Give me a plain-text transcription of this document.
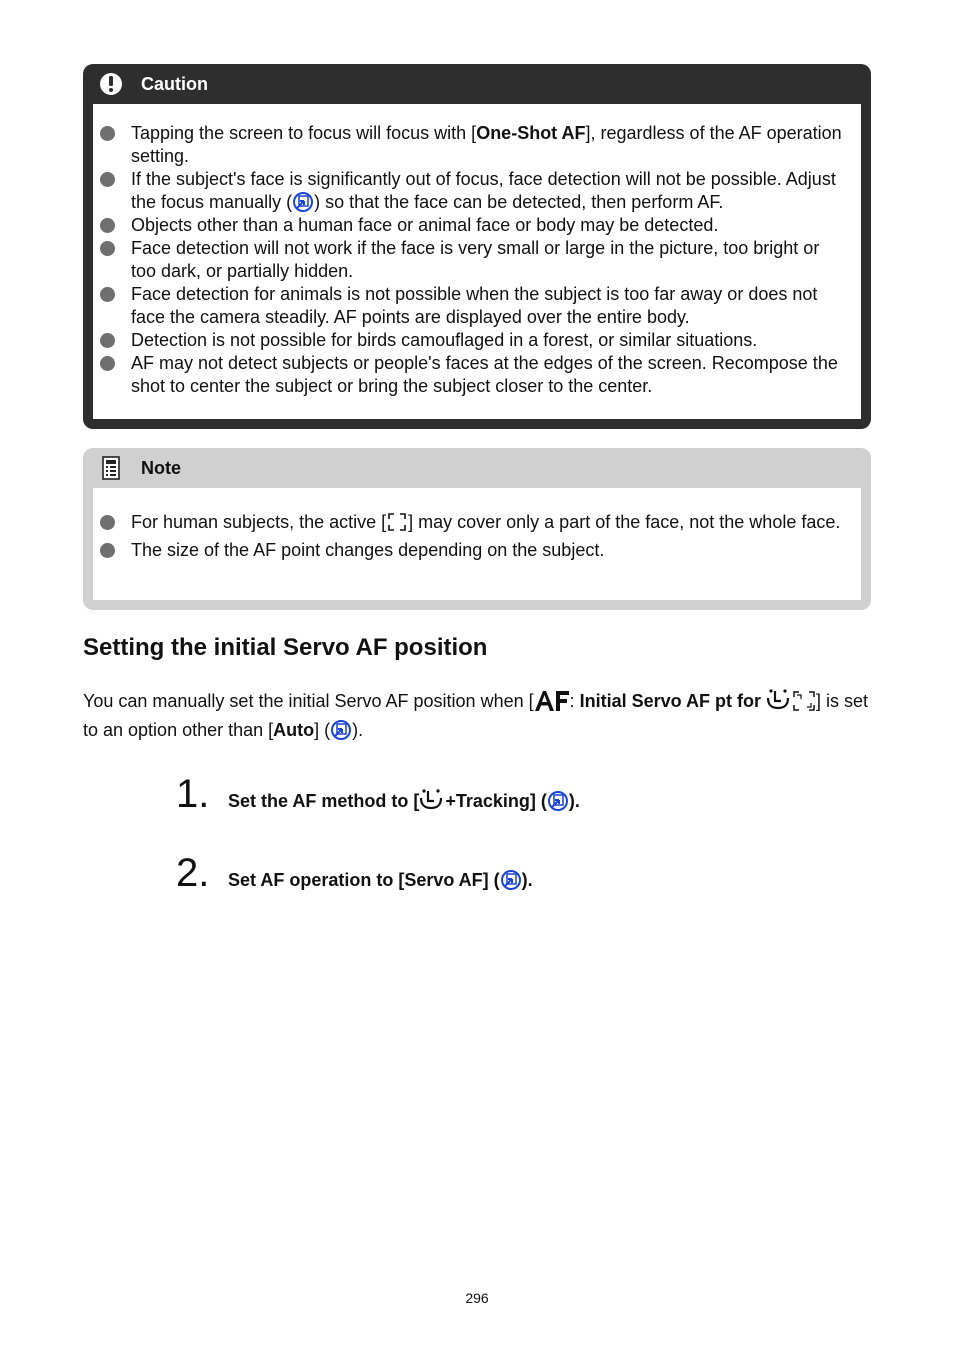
Caution
Tapping the screen to focus will focus with [One-Shot AF], regardless of the AF operation setting.
If the subject's face is significantly out of focus, face detection will not be possible. Adjust the focus manually ( ) so that the face can be detected, then perform AF.
Objects other than a human face or animal face or body may be detected.
Face detection will not work if the face is very small or large in the picture, too bright or too dark, or partially hidden.
Face detection for animals is not possible when the subject is too far away or does not face the camera steadily. AF points are displayed over the entire body.
Detection is not possible for birds camouflaged in a forest, or similar situations.
AF may not detect subjects or people's faces at the edges of the screen. Recompose the shot to center the subject or bring the subject closer to the center.
Note
For human subjects, the active [ ] may cover only a part of the face, not the whole face.
The size of the AF point changes depending on the subject.
Setting the initial Servo AF position

You can manually set the initial Servo AF position when [ : Initial Servo AF pt for	] is set to an option other than [Auto] ( ).

1.	Set the AF method to [ +Tracking] ( ).
2.	Set AF operation to [Servo AF] ( ).
296
